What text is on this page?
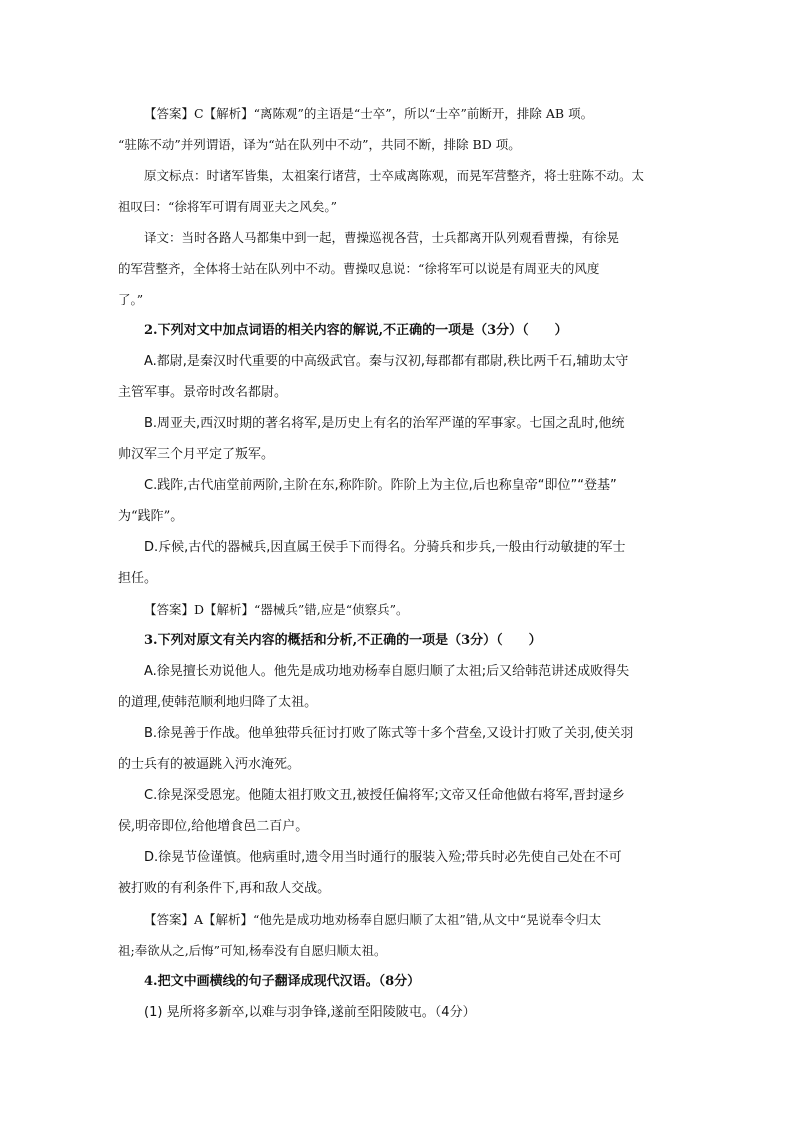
【答案】C【解析】“离陈观”的主语是“士卒”，所以“士卒”前断开，排除 AB 项。

“驻陈不动”并列谓语，译为“站在队列中不动”，共同不断，排除 BD 项。

原文标点：时诸军皆集，太祖案行诸营，士卒咸离陈观，而晃军营整齐，将士驻陈不动。太

祖叹曰：“徐将军可谓有周亚夫之风矣。”

译文：当时各路人马都集中到一起，曹操巡视各营，士兵都离开队列观看曹操，有徐晃

的军营整齐，全体将士站在队列中不动。曹操叹息说：“徐将军可以说是有周亚夫的风度

了。”

2.下列对文中加点词语的相关内容的解说,不正确的一项是（3分）（　　）

A.都尉,是秦汉时代重要的中高级武官。秦与汉初,每郡都有郡尉,秩比两千石,辅助太守

主管军事。景帝时改名都尉。

B.周亚夫,西汉时期的著名将军,是历史上有名的治军严谨的军事家。七国之乱时,他统

帅汉军三个月平定了叛军。

C.践阼,古代庙堂前两阶,主阶在东,称阼阶。阼阶上为主位,后也称皇帝“即位”“登基”

为“践阼”。

D.斥候,古代的器械兵,因直属王侯手下而得名。分骑兵和步兵,一般由行动敏捷的军士

担任。

【答案】D【解析】“器械兵”错,应是“侦察兵”。

3.下列对原文有关内容的概括和分析,不正确的一项是（3分）（　　）

A.徐晃擅长劝说他人。他先是成功地劝杨奉自愿归顺了太祖;后又给韩范讲述成败得失

的道理,使韩范顺利地归降了太祖。

B.徐晃善于作战。他单独带兵征讨打败了陈式等十多个营垒,又设计打败了关羽,使关羽

的士兵有的被逼跳入沔水淹死。

C.徐晃深受恩宠。他随太祖打败文丑,被授任偏将军;文帝又任命他做右将军,晋封逯乡

侯,明帝即位,给他增食邑二百户。

D.徐晃节俭谨慎。他病重时,遗令用当时通行的服装入殓;带兵时必先使自己处在不可

被打败的有利条件下,再和敌人交战。

【答案】A【解析】“他先是成功地劝杨奉自愿归顺了太祖”错,从文中“晃说奉令归太

祖;奉欲从之,后悔”可知,杨奉没有自愿归顺太祖。

4.把文中画横线的句子翻译成现代汉语。（8分）

(1) 晃所将多新卒,以难与羽争锋,遂前至阳陵陂屯。（4分）
